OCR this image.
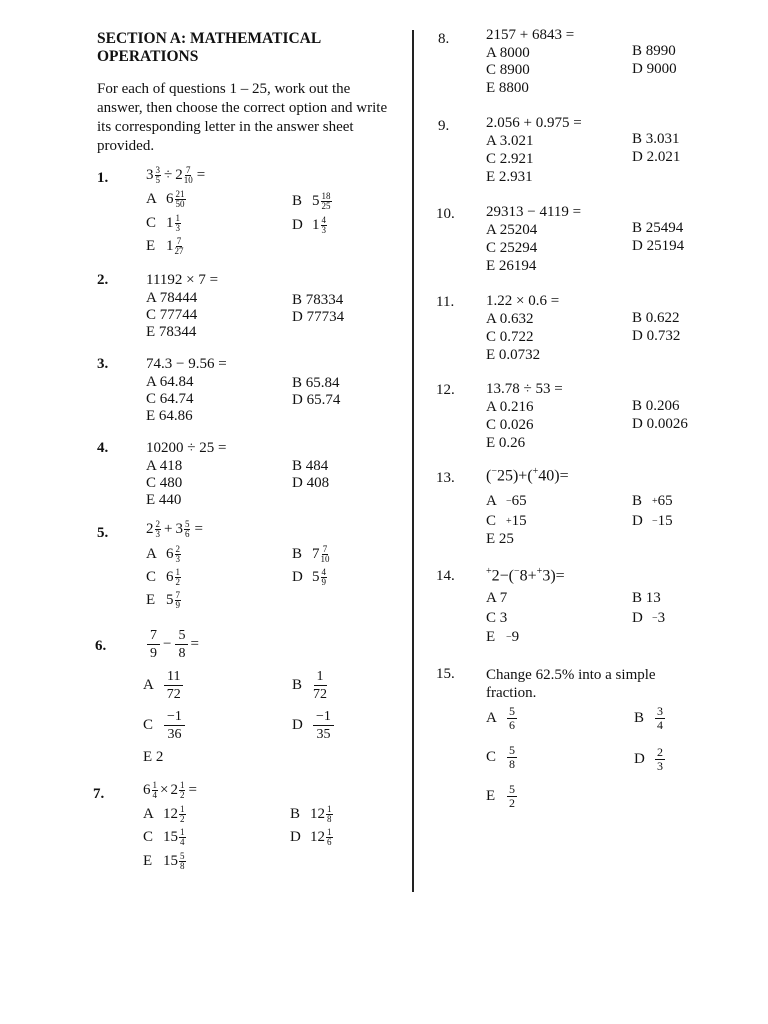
SECTION A: MATHEMATICAL OPERATIONS
For each of questions 1 – 25, work out the answer, then choose the correct option and write its corresponding letter in the answer sheet provided.
1.	$3 \frac{3}{5} \div 2 \frac{7}{10}$ =
A $6 \frac{21}{50}$	B $5 \frac{18}{25}$
C $1 \frac{1}{3}$	D $1 \frac{4}{3}$
E $1 \frac{7}{27}$
2.	11192 × 7 =
A 78444	B 78334
C 77744	D 77734
E 78344
3.	74.3 − 9.56 =
A 64.84	B 65.84
C 64.74	D 65.74
E 64.86
4.	10200 ÷ 25 =
A 418	B 484
C 480	D 408
E 440
5.	$2 \frac{2}{3} + 3 \frac{5}{6}$ =
A $6 \frac{2}{3}$	B $7 \frac{7}{10}$
C $6 \frac{1}{2}$	D $5 \frac{4}{9}$
E $5 \frac{7}{9}$
6.	$\frac{7}{9} - \frac{5}{8}$ =
A $\frac{11}{72}$	B $\frac{1}{72}$
C $\frac{-1}{36}$	D $\frac{-1}{35}$
E 2
7.	$6 \frac{1}{4} \times 2 \frac{1}{2}$ =
A $12 \frac{1}{2}$	B $12 \frac{1}{8}$
C $15 \frac{1}{4}$	D $12 \frac{1}{6}$
E $15 \frac{5}{8}$
8. 2157 + 6843 =
A 8000	B 8990
C 8900	D 9000
E 8800
9. 2.056 + 0.975 =
A 3.021	B 3.031
C 2.921	D 2.021
E 2.931
10. 29313 − 4119 =
A 25204	B 25494
C 25294	D 25194
E 26194
11. 1.22 × 0.6 =
A 0.632	B 0.622
C 0.722	D 0.732
E 0.0732
12. 13.78 ÷ 53 =
A 0.216	B 0.206
C 0.026	D 0.0026
E 0.26
13. (−25)+(+40)=
A − 65	B + 65
C + 15	D − 15
E 25
14.	+2−(−8++3)=
A 7	B 13
C 3	D − 3
E	− 9
15. Change 62.5% into a simple fraction.
A $\frac{5}{6}$	B $\frac{3}{4}$
C $\frac{5}{8}$	D $\frac{2}{3}$
E $\frac{5}{2}$
